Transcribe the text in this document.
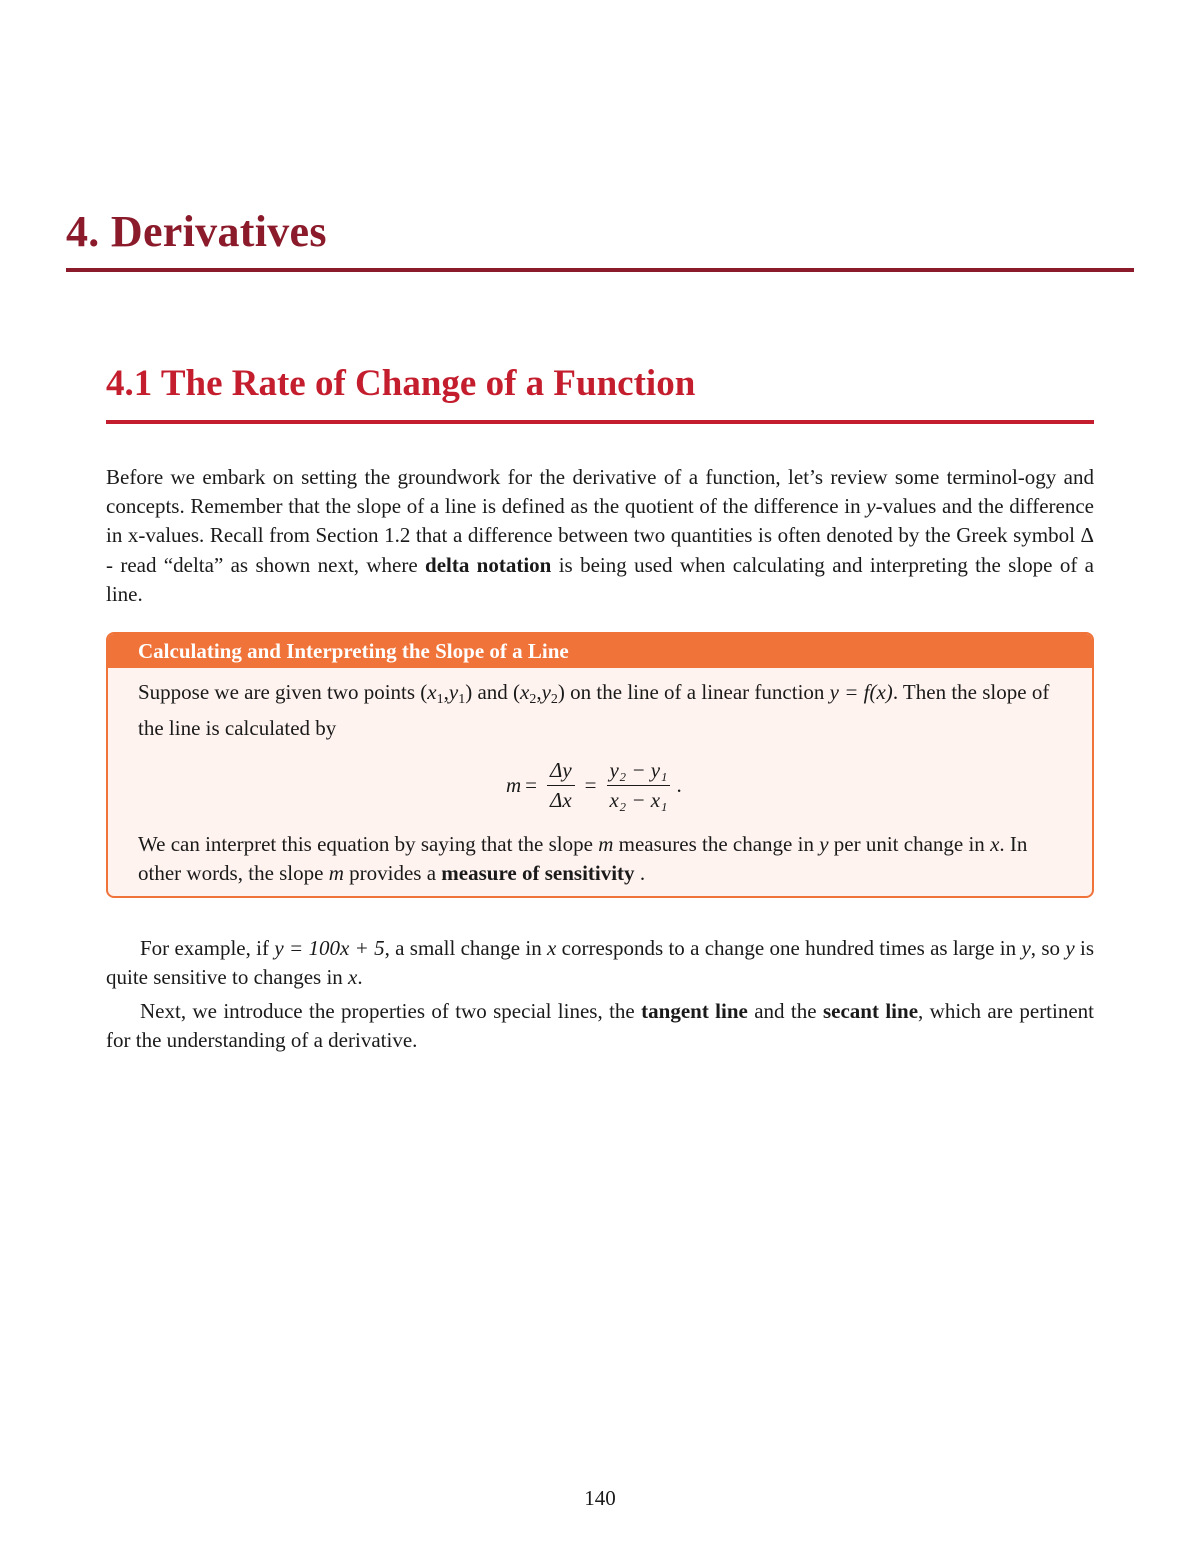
4. Derivatives
4.1 The Rate of Change of a Function

Before we embark on setting the groundwork for the derivative of a function, let’s review some terminol-ogy and concepts. Remember that the slope of a line is defined as the quotient of the difference in y-values and the difference in x-values. Recall from Section 1.2 that a difference between two quantities is often denoted by the Greek symbol Δ - read “delta” as shown next, where delta notation is being used when calculating and interpreting the slope of a line.

Calculating and Interpreting the Slope of a Line

Suppose we are given two points $(x_1,y_1)$ and $(x_2,y_2)$ on the line of a linear function y = f(x). Then the slope of the line is calculated by

$m = \frac{\Delta y}{\Delta x} = \frac{\text{y₂ − y₁}}{\text{x₂ − x₁}}$ .

We can interpret this equation by saying that the slope m measures the change in y per unit change in x. In other words, the slope m provides a measure of sensitivity .

For example, if y = 100x + 5, a small change in x corresponds to a change one hundred times as large in y, so y is quite sensitive to changes in x.

Next, we introduce the properties of two special lines, the tangent line and the secant line, which are pertinent for the understanding of a derivative.

140
